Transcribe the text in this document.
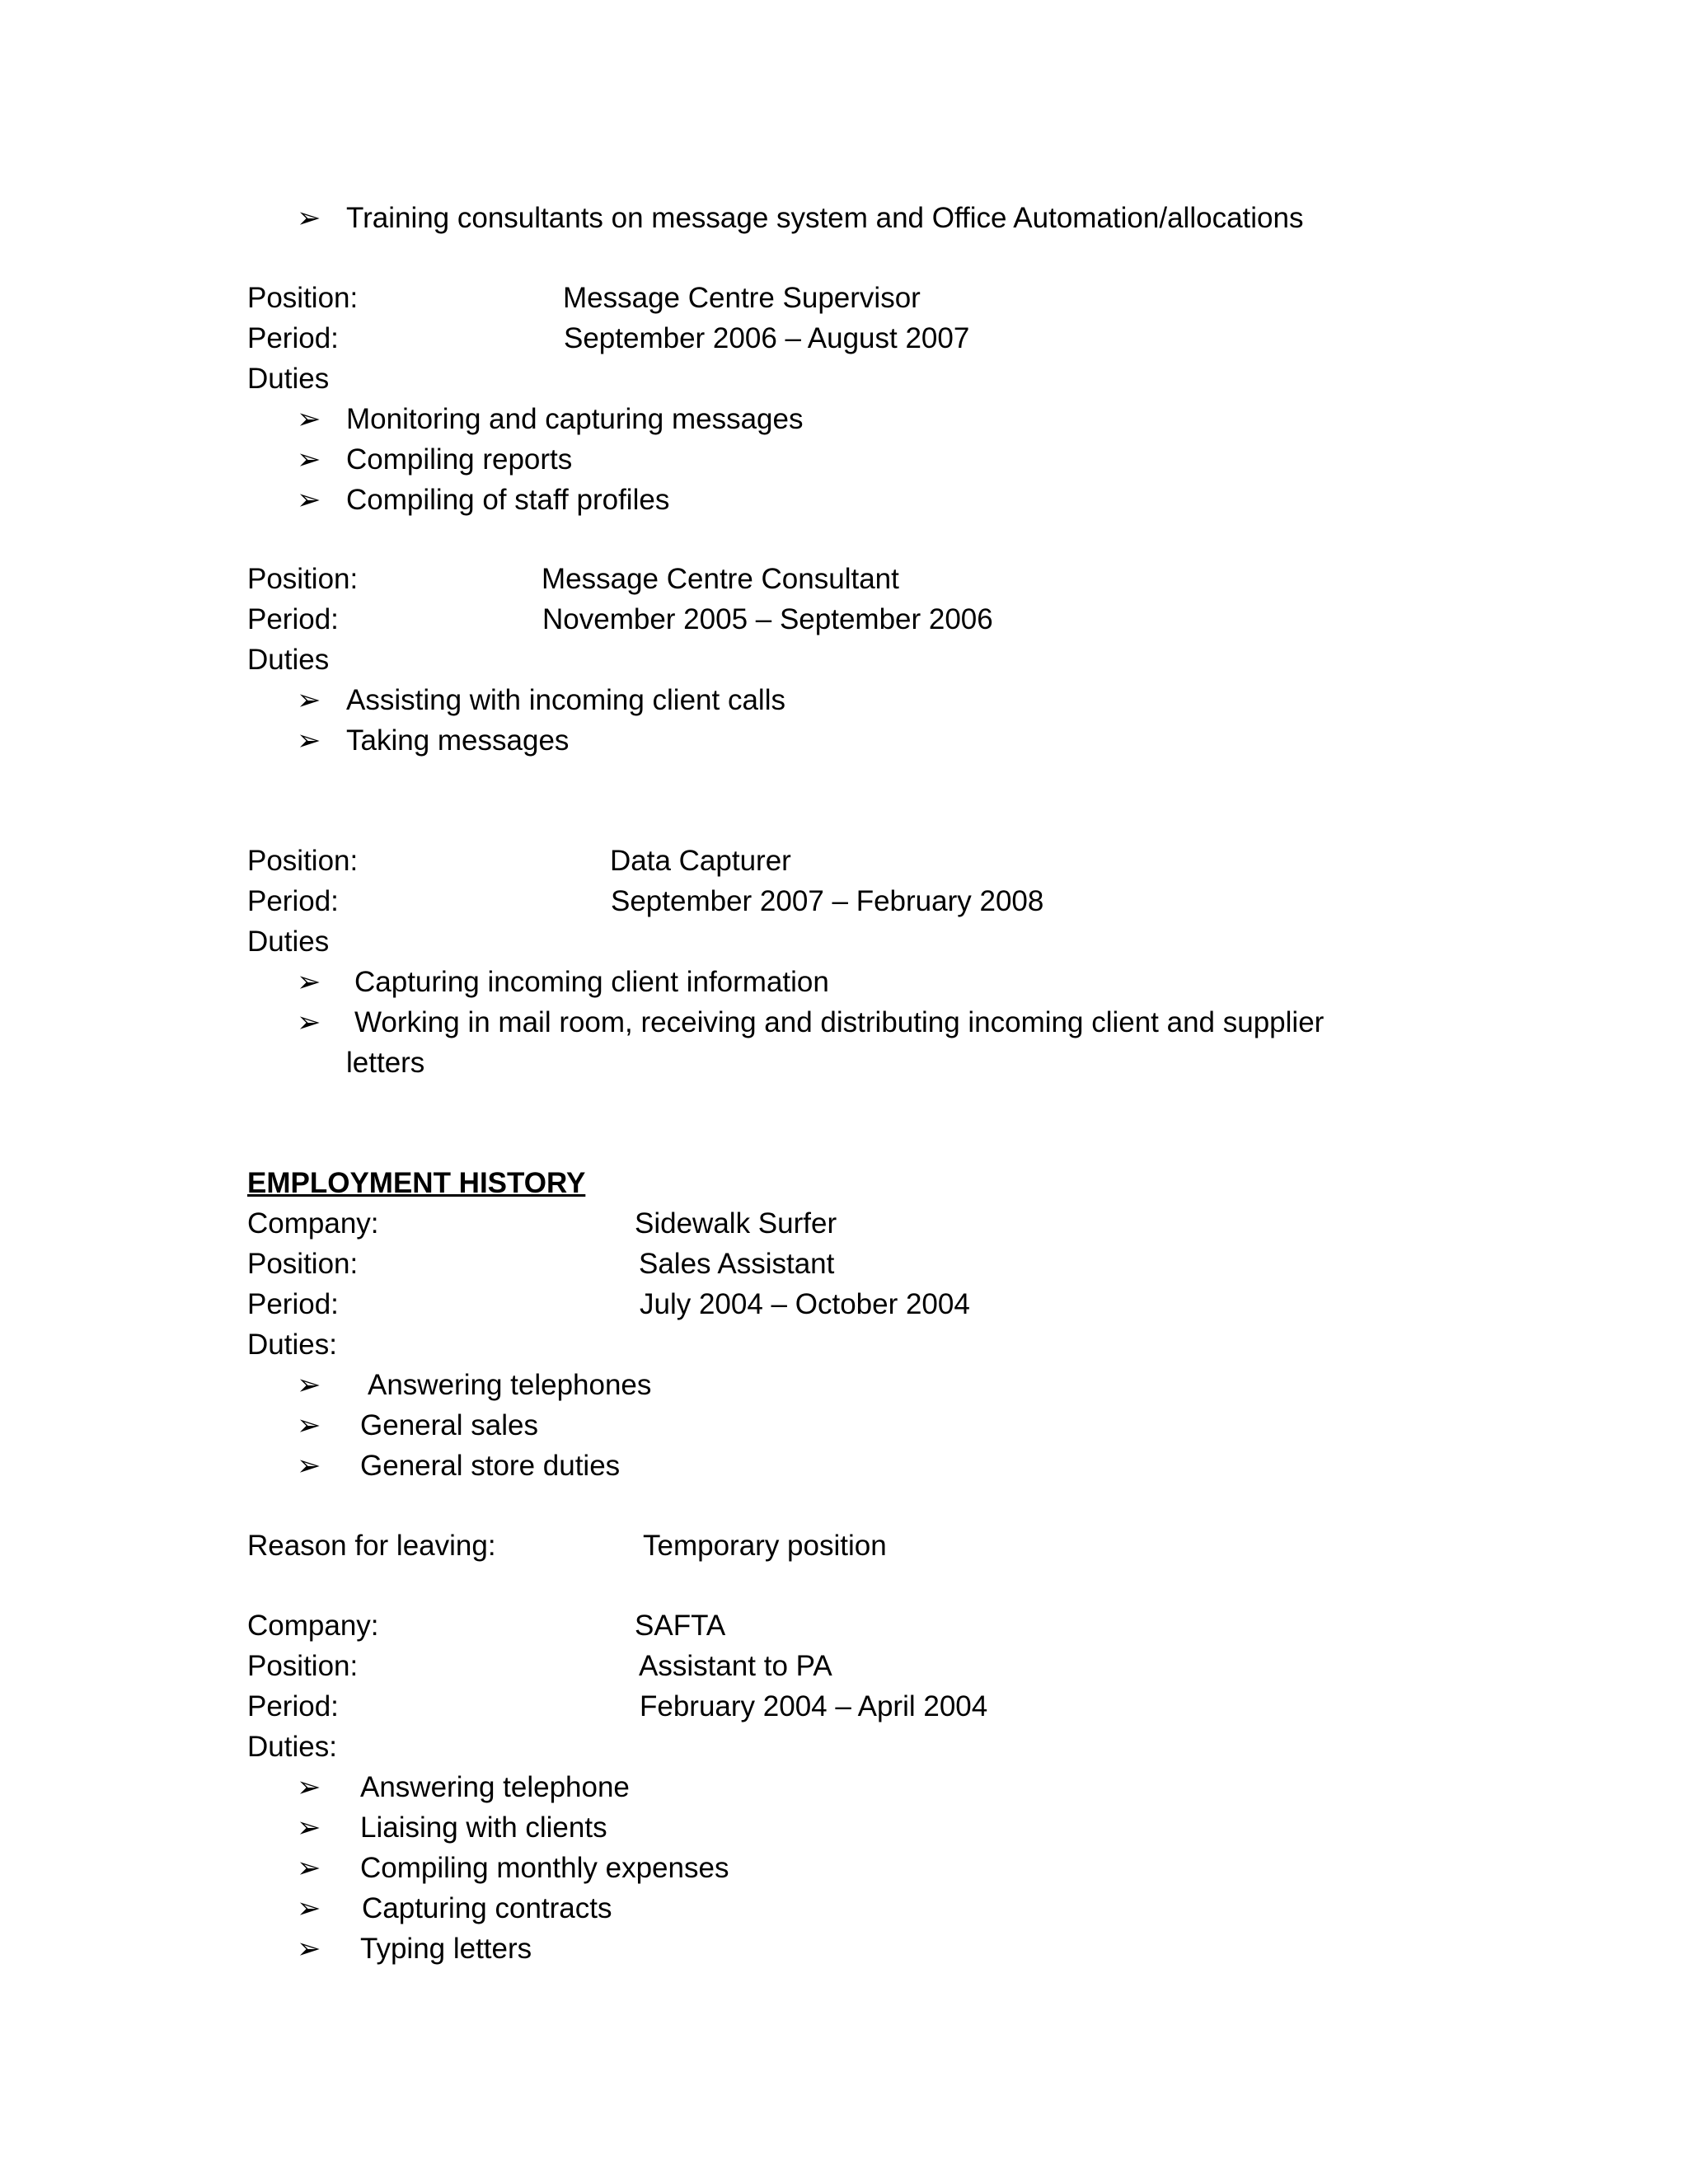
➢ Training consultants on message system and Office Automation/allocations
Position:	Message Centre Supervisor
Period:	September 2006 – August 2007
Duties
➢ Monitoring and capturing messages
➢ Compiling reports
➢ Compiling of staff profiles
Position:	Message Centre Consultant
Period:	November 2005 – September 2006
Duties
➢ Assisting with incoming client calls
➢ Taking messages
Position:	Data Capturer
Period:	September 2007 – February 2008
Duties
➢ Capturing incoming client information
➢ Working in mail room, receiving and distributing incoming client and supplier
letters
EMPLOYMENT HISTORY
Company:	Sidewalk Surfer
Position:	Sales Assistant
Period:	July 2004 – October 2004
Duties:
➢ Answering telephones
➢ General sales
➢ General store duties
Reason for leaving:	Temporary position
Company:	SAFTA
Position:	Assistant to PA
Period:	February 2004 – April 2004
Duties:
➢ Answering telephone
➢ Liaising with clients
➢ Compiling monthly expenses
➢ Capturing contracts
➢ Typing letters
